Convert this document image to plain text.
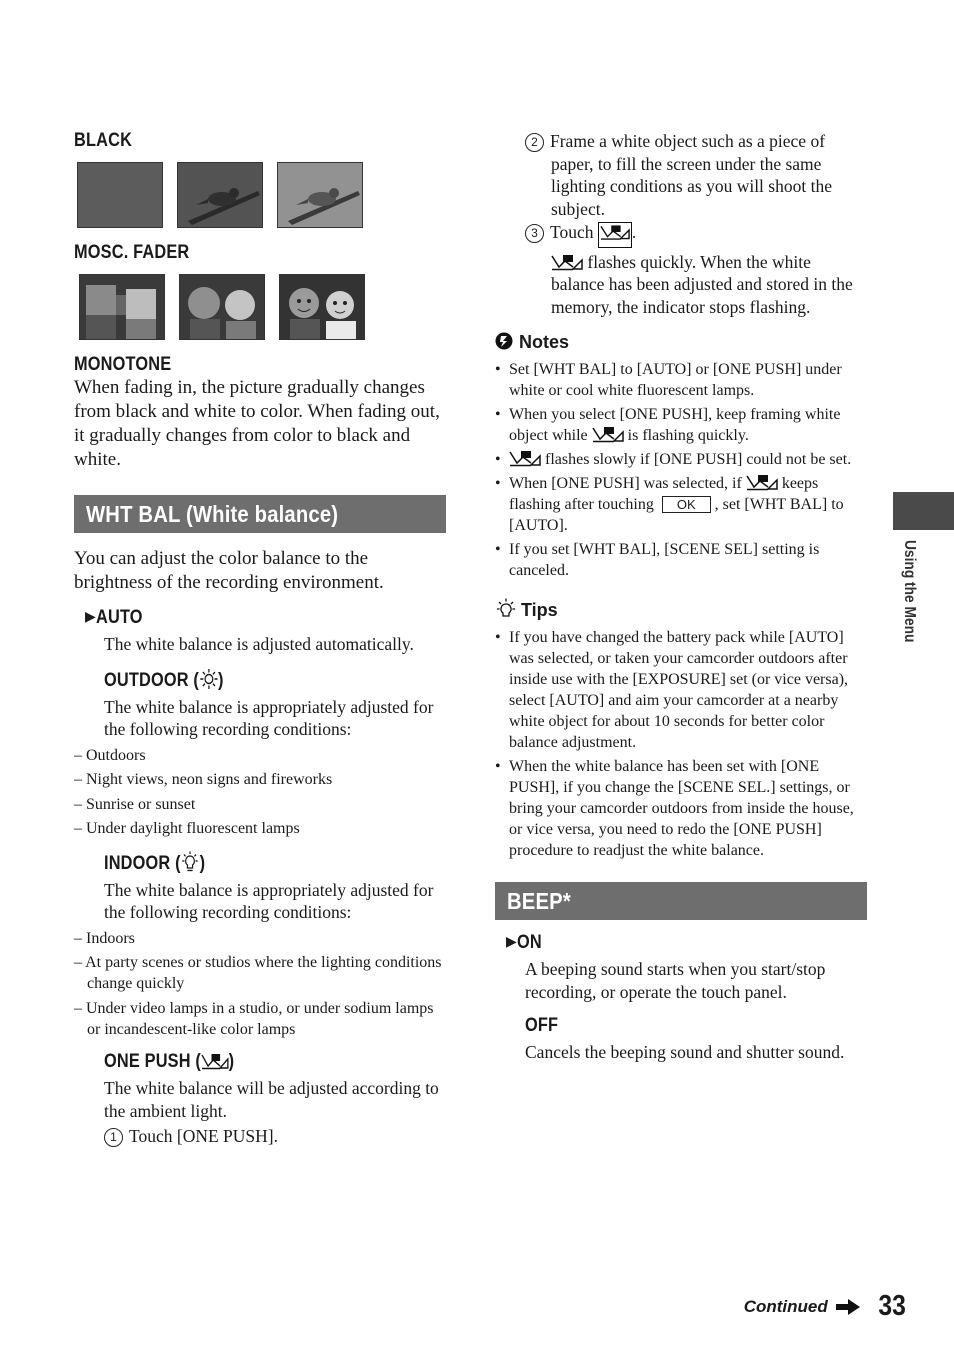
BLACK
MOSC. FADER
MONOTONE
When fading in, the picture gradually changes from black and white to color. When fading out, it gradually changes from color to black and white.
WHT BAL (White balance)
You can adjust the color balance to the brightness of the recording environment.
▶AUTO
The white balance is adjusted automatically.
OUTDOOR ( )
The white balance is appropriately adjusted for the following recording conditions:
– Outdoors
– Night views, neon signs and fireworks
– Sunrise or sunset
– Under daylight fluorescent lamps
INDOOR ( )
The white balance is appropriately adjusted for the following recording conditions:
– Indoors
– At party scenes or studios where the lighting conditions change quickly
– Under video lamps in a studio, or under sodium lamps or incandescent-like color lamps
ONE PUSH ( )
The white balance will be adjusted according to the ambient light.
1 Touch [ONE PUSH].
2 Frame a white object such as a piece of paper, to fill the screen under the same lighting conditions as you will shoot the subject.
3 Touch .
flashes quickly. When the white balance has been adjusted and stored in the memory, the indicator stops flashing.
Notes
• Set [WHT BAL] to [AUTO] or [ONE PUSH] under white or cool white fluorescent lamps.
• When you select [ONE PUSH], keep framing white object while	is flashing quickly.
• flashes slowly if [ONE PUSH] could not be set.
• When [ONE PUSH] was selected, if	keeps flashing after touching OK , set [WHT BAL] to [AUTO].
• If you set [WHT BAL], [SCENE SEL] setting is canceled.
Tips
• If you have changed the battery pack while [AUTO] was selected, or taken your camcorder outdoors after inside use with the [EXPOSURE] set (or vice versa), select [AUTO] and aim your camcorder at a nearby white object for about 10 seconds for better color balance adjustment.
• When the white balance has been set with [ONE PUSH], if you change the [SCENE SEL.] settings, or bring your camcorder outdoors from inside the house, or vice versa, you need to redo the [ONE PUSH] procedure to readjust the white balance.
BEEP*
▶ON
A beeping sound starts when you start/stop recording, or operate the touch panel.
OFF
Cancels the beeping sound and shutter sound.
Using the Menu
Continued 33
